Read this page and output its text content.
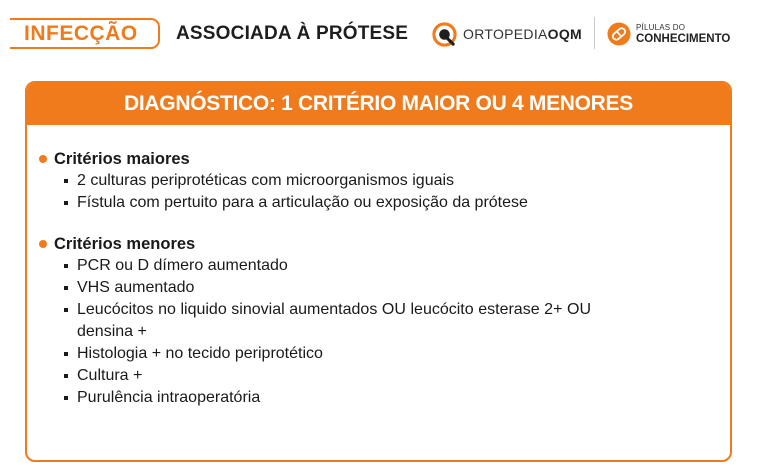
INFECÇÃO	ASSOCIADA À PRÓTESE	ORTOPEDIAOQM	PÍLULAS DO
CONHECIMENTO
DIAGNÓSTICO: 1 CRITÉRIO MAIOR OU 4 MENORES
Critérios maiores
2 culturas periprotéticas com microorganismos iguais
Fístula com pertuito para a articulação ou exposição da prótese
Critérios menores
PCR ou D dímero aumentado
VHS aumentado
Leucócitos no liquido sinovial aumentados OU leucócito esterase 2+ OU densina +
Histologia + no tecido periprotético
Cultura +
Purulência intraoperatória
